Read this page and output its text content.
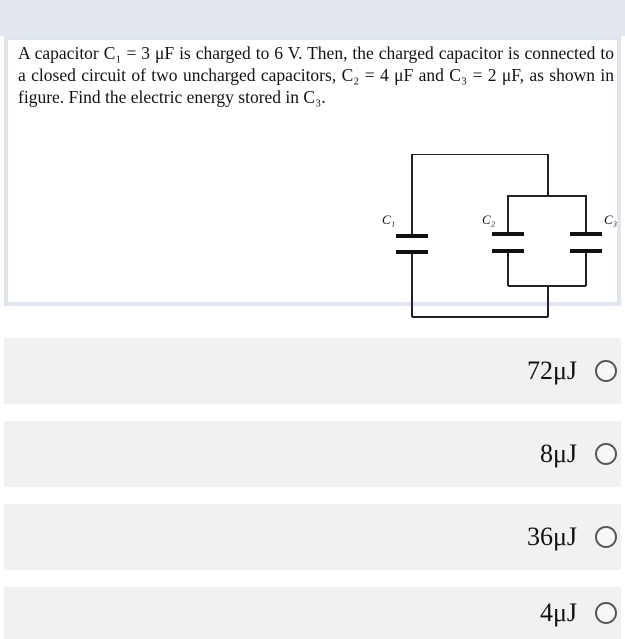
A capacitor C₁ = 3 μF is charged to 6 V. Then, the charged capacitor is connected to a closed circuit of two uncharged capacitors, C₂ = 4 μF and C₃ = 2 μF, as shown in figure. Find the electric energy stored in C₃.

C₁	C₂	C₃
72μJ
8μJ
36μJ
4μJ
